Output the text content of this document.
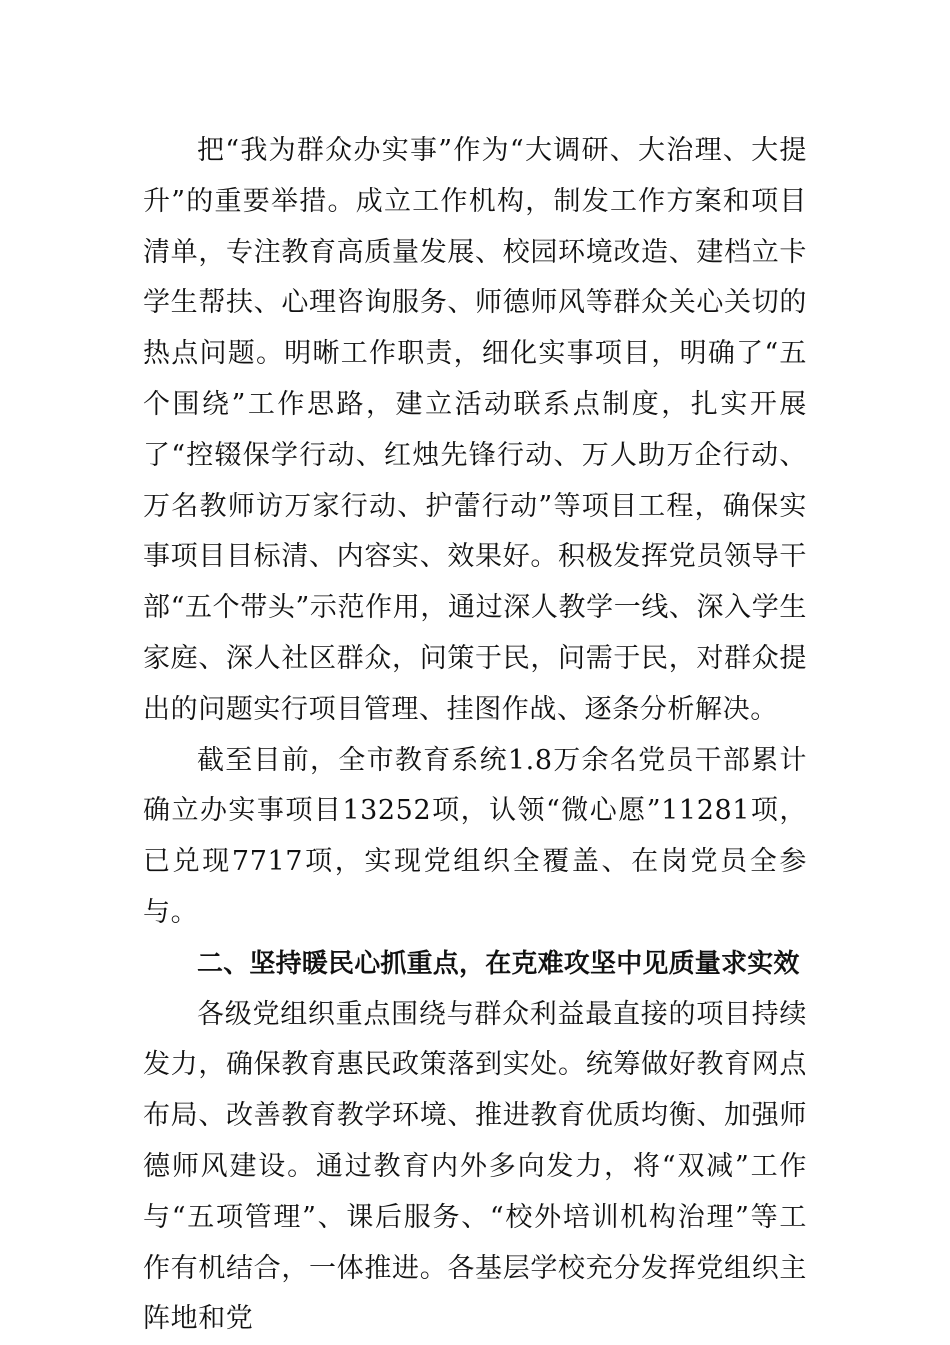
把“我为群众办实事”作为“大调研、大治理、大提升”的重要举措。成立工作机构，制发工作方案和项目清单，专注教育高质量发展、校园环境改造、建档立卡学生帮扶、心理咨询服务、师德师风等群众关心关切的热点问题。明晰工作职责，细化实事项目，明确了“五个围绕”工作思路，建立活动联系点制度，扎实开展了“控辍保学行动、红烛先锋行动、万人助万企行动、万名教师访万家行动、护蕾行动”等项目工程，确保实事项目目标清、内容实、效果好。积极发挥党员领导干部“五个带头”示范作用，通过深人教学一线、深入学生家庭、深人社区群众，问策于民，问需于民，对群众提出的问题实行项目管理、挂图作战、逐条分析解决。

截至目前，全市教育系统1.8万余名党员干部累计确立办实事项目13252项，认领“微心愿”11281项，已兑现7717项，实现党组织全覆盖、在岗党员全参与。

二、坚持暖民心抓重点，在克难攻坚中见质量求实效

各级党组织重点围绕与群众利益最直接的项目持续发力，确保教育惠民政策落到实处。统筹做好教育网点布局、改善教育教学环境、推进教育优质均衡、加强师德师风建设。通过教育内外多向发力，将“双减”工作与“五项管理”、课后服务、“校外培训机构治理”等工作有机结合，一体推进。各基层学校充分发挥党组织主阵地和党
